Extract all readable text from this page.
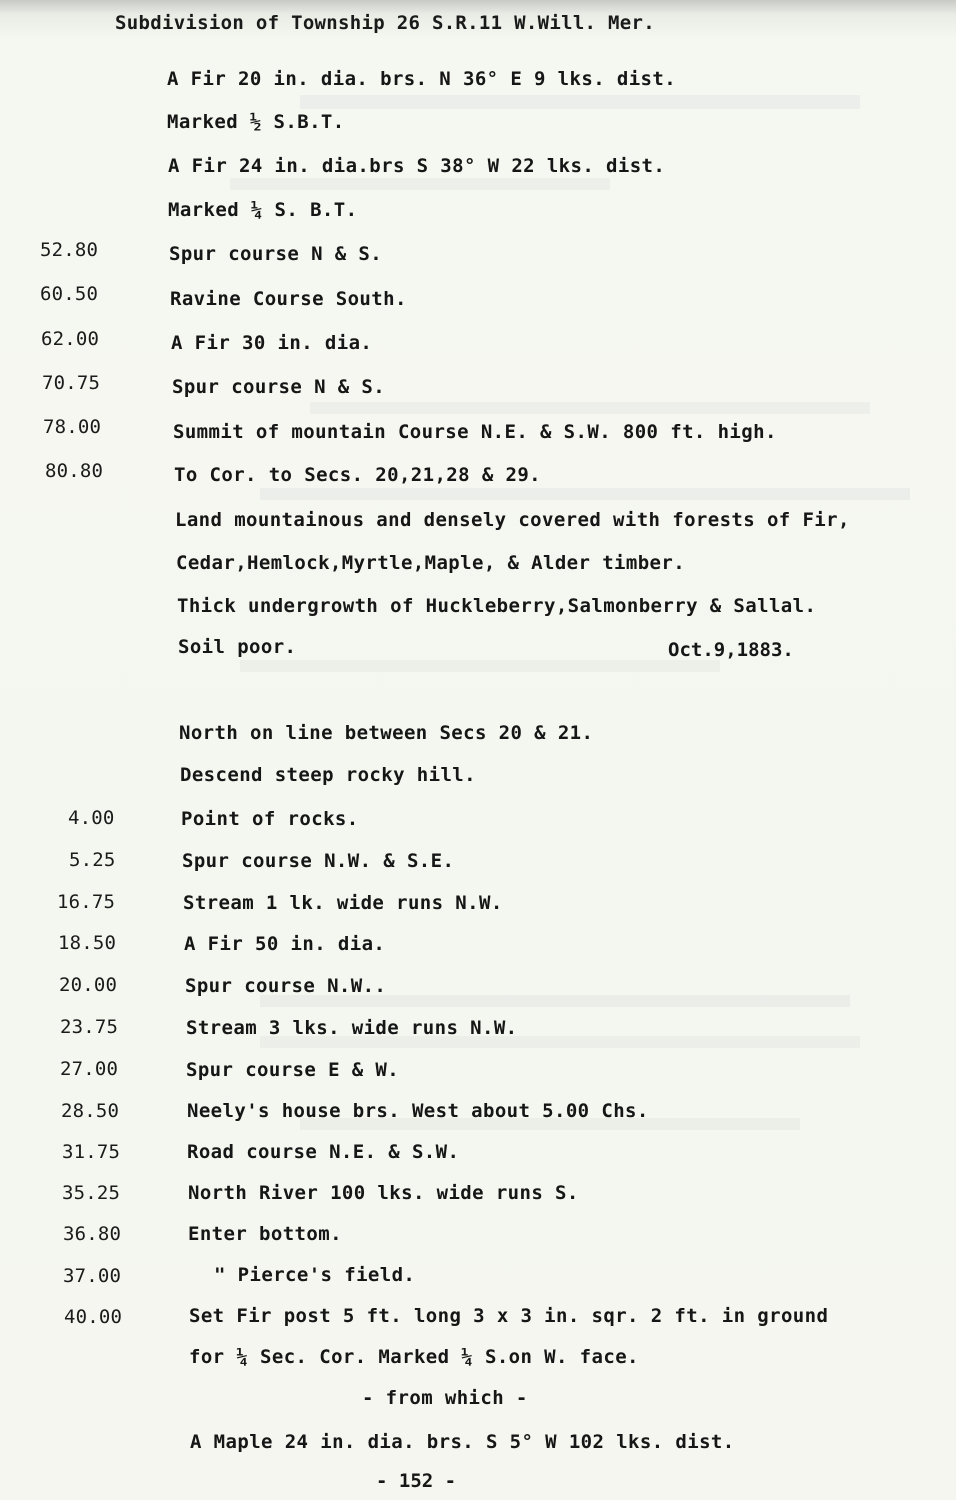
Subdivision of Township 26 S.R.11 W.Will. Mer.
52.80
60.50
62.00
70.75
78.00
80.80
4.00
5.25
16.75
18.50
20.00
23.75
27.00
28.50
31.75
35.25
36.80
37.00
40.00
A Fir 20 in. dia. brs. N 36° E 9 lks. dist.
Marked ½ S.B.T.
A Fir 24 in. dia.brs S 38° W 22 lks. dist.
Marked ¼ S. B.T.
Spur course N & S.
Ravine Course South.
A Fir 30 in. dia.
Spur course N & S.
Summit of mountain Course N.E. & S.W. 800 ft. high.
To Cor. to Secs. 20,21,28 & 29.
Land mountainous and densely covered with forests of Fir,
Cedar,Hemlock,Myrtle,Maple, & Alder timber.
Thick undergrowth of Huckleberry,Salmonberry & Sallal.
Soil poor.	Oct.9,1883.
North on line between Secs 20 & 21.
Descend steep rocky hill.
Point of rocks.
Spur course N.W. & S.E.
Stream 1 lk. wide runs N.W.
A Fir 50 in. dia.
Spur course N.W..
Stream 3 lks. wide runs N.W.
Spur course E & W.
Neely's house brs. West about 5.00 Chs.
Road course N.E. & S.W.
North River 100 lks. wide runs S.
Enter bottom.
" Pierce's field.
Set Fir post 5 ft. long 3 x 3 in. sqr. 2 ft. in ground
for ¼ Sec. Cor. Marked ¼ S.on W. face.
- from which -
A Maple 24 in. dia. brs. S 5° W 102 lks. dist.
- 152 -
